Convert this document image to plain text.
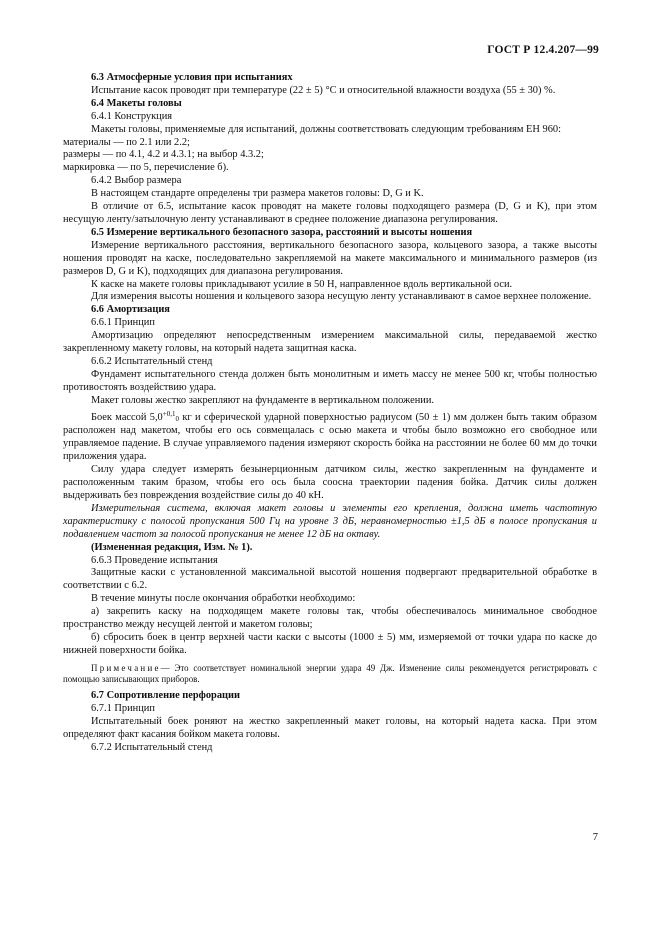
ГОСТ Р 12.4.207—99

6.3 Атмосферные условия при испытаниях

Испытание касок проводят при температуре (22 ± 5) °С и относительной влажности воздуха (55 ± 30) %.

6.4 Макеты головы

6.4.1 Конструкция

Макеты головы, применяемые для испытаний, должны соответствовать следующим требованиям ЕН 960:

материалы — по 2.1 или 2.2;

размеры — по 4.1, 4.2 и 4.3.1; на выбор 4.3.2;

маркировка — по 5, перечисление б).

6.4.2 Выбор размера

В настоящем стандарте определены три размера макетов головы: D, G и K.

В отличие от 6.5, испытание касок проводят на макете головы подходящего размера (D, G и K), при этом несущую ленту/затылочную ленту устанавливают в среднее положение диапазона регулирования.

6.5 Измерение вертикального безопасного зазора, расстояний и высоты ношения

Измерение вертикального расстояния, вертикального безопасного зазора, кольцевого зазора, а также высоты ношения проводят на каске, последовательно закрепляемой на макете максимального и минимального размеров (из размеров D, G и K), подходящих для диапазона регулирования.

К каске на макете головы прикладывают усилие в 50 Н, направленное вдоль вертикальной оси.

Для измерения высоты ношения и кольцевого зазора несущую ленту устанавливают в самое верхнее положение.

6.6 Амортизация

6.6.1 Принцип

Амортизацию определяют непосредственным измерением максимальной силы, передаваемой жестко закрепленному макету головы, на который надета защитная каска.

6.6.2 Испытательный стенд

Фундамент испытательного стенда должен быть монолитным и иметь массу не менее 500 кг, чтобы полностью противостоять воздействию удара.

Макет головы жестко закрепляют на фундаменте в вертикальном положении.

Боек массой $5,0^{+0,1}0$ кг и сферической ударной поверхностью радиусом (50 ± 1) мм должен быть таким образом расположен над макетом, чтобы его ось совмещалась с осью макета и чтобы было возможно его свободное или управляемое падение. В случае управляемого падения измеряют скорость бойка на расстоянии не более 60 мм до точки приложения удара.

Силу удара следует измерять безынерционным датчиком силы, жестко закрепленным на фундаменте и расположенным таким бразом, чтобы его ось была соосна траектории падения бойка. Датчик силы должен выдерживать без повреждения воздействие силы до 40 кН.

Измерительная система, включая макет головы и элементы его крепления, должна иметь частотную характеристику с полосой пропускания 500 Гц на уровне 3 дБ, неравномерностью ±1,5 дБ в полосе пропускания и подавлением частот за полосой пропускания не менее 12 дБ на октаву.

(Измененная редакция, Изм. № 1).

6.6.3 Проведение испытания

Защитные каски с установленной максимальной высотой ношения подвергают предварительной обработке в соответствии с 6.2.

В течение минуты после окончания обработки необходимо:

а) закрепить каску на подходящем макете головы так, чтобы обеспечивалось минимальное свободное пространство между несущей лентой и макетом головы;

б) сбросить боек в центр верхней части каски с высоты (1000 ± 5) мм, измеряемой от точки удара по каске до нижней поверхности бойка.

Примечание— Это соответствует номинальной энергии удара 49 Дж. Изменение силы рекомендуется регистрировать с помощью записывающих приборов.

6.7 Сопротивление перфорации

6.7.1 Принцип

Испытательный боек роняют на жестко закрепленный макет головы, на который надета каска. При этом определяют факт касания бойком макета головы.

6.7.2 Испытательный стенд

7
